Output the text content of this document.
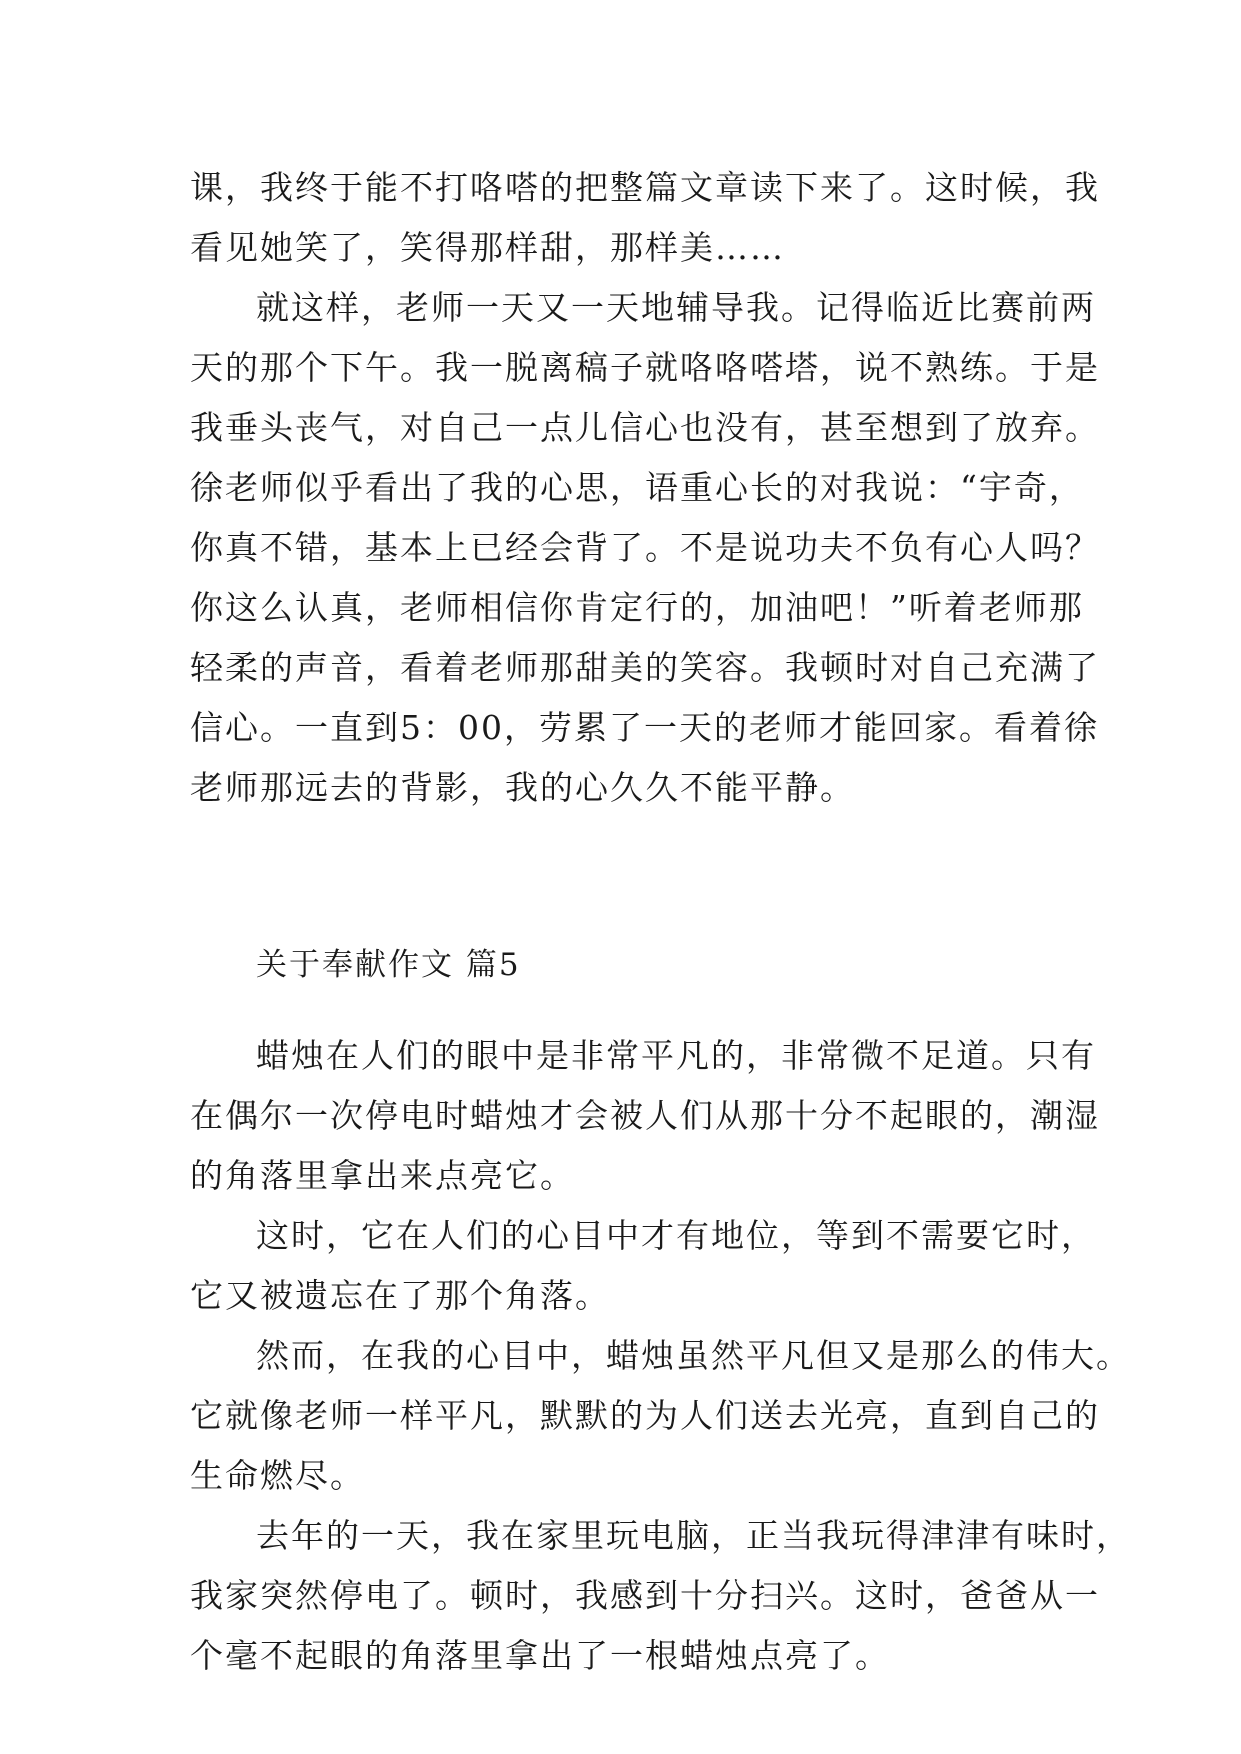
课，我终于能不打咯嗒的把整篇文章读下来了。这时候，我

看见她笑了，笑得那样甜，那样美……

就这样，老师一天又一天地辅导我。记得临近比赛前两

天的那个下午。我一脱离稿子就咯咯嗒塔，说不熟练。于是

我垂头丧气，对自己一点儿信心也没有，甚至想到了放弃。

徐老师似乎看出了我的心思，语重心长的对我说：“宇奇，

你真不错，基本上已经会背了。不是说功夫不负有心人吗？

你这么认真，老师相信你肯定行的，加油吧！”听着老师那

轻柔的声音，看着老师那甜美的笑容。我顿时对自己充满了

信心。一直到5：00，劳累了一天的老师才能回家。看着徐

老师那远去的背影，我的心久久不能平静。

关于奉献作文 篇5

蜡烛在人们的眼中是非常平凡的，非常微不足道。只有

在偶尔一次停电时蜡烛才会被人们从那十分不起眼的，潮湿

的角落里拿出来点亮它。

这时，它在人们的心目中才有地位，等到不需要它时，

它又被遗忘在了那个角落。

然而，在我的心目中，蜡烛虽然平凡但又是那么的伟大。

它就像老师一样平凡，默默的为人们送去光亮，直到自己的

生命燃尽。

去年的一天，我在家里玩电脑，正当我玩得津津有味时，

我家突然停电了。顿时，我感到十分扫兴。这时，爸爸从一

个毫不起眼的角落里拿出了一根蜡烛点亮了。
